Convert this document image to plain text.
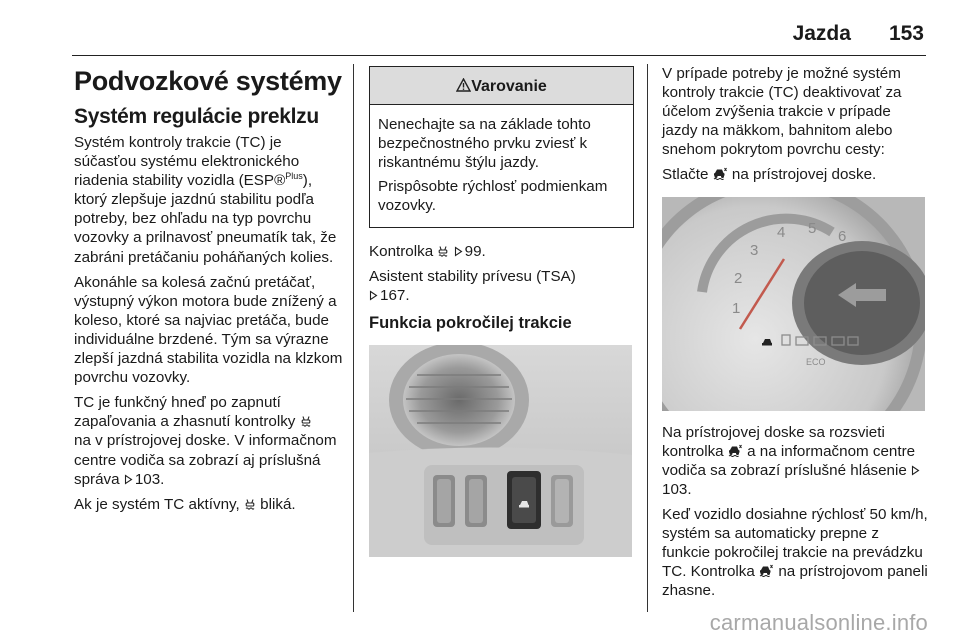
Jazda 153
Podvozkové systémy
Systém regulácie preklzu

Systém kontroly trakcie (TC) je súčasťou systému elektronického riadenia stability vozidla (ESP®$^{Plus}$), ktorý zlepšuje jazdnú stabilitu podľa potreby, bez ohľadu na typ povrchu vozovky a prilnavosť pneumatík tak, že zabráni pretáčaniu poháňaných kolies.

Akonáhle sa kolesá začnú pretáčať, výstupný výkon motora bude znížený a koleso, ktoré sa najviac pretáča, bude individuálne brzdené. Tým sa výrazne zlepší jazdná stabilita vozidla na klzkom povrchu vozovky.

TC je funkčný hneď po zapnutí zapaľovania a zhasnutí kontrolky
na v prístrojovej doske. V informačnom centre vodiča sa zobrazí aj príslušná správa 103.

Ak je systém TC aktívny, bliká.

Varovanie

Nenechajte sa na základe tohto bezpečnostného prvku zviesť k riskantnému štýlu jazdy.

Prispôsobte rýchlosť podmienkam vozovky.

Kontrolka 99.

Asistent stability prívesu (TSA)
167.

Funkcia pokročilej trakcie

V prípade potreby je možné systém kontroly trakcie (TC) deaktivovať za účelom zvýšenia trakcie v prípade jazdy na mäkkom, bahnitom alebo snehom pokrytom povrchu cesty:

Stlačte na prístrojovej doske.

1
2
3
4 5 6
ECO

Na prístrojovej doske sa rozsvieti kontrolka a na informačnom centre vodiča sa zobrazí príslušné hlásenie 103.

Keď vozidlo dosiahne rýchlosť 50 km/h, systém sa automaticky prepne z funkcie pokročilej trakcie na prevádzku TC. Kontrolka na prístrojovom paneli zhasne.

carmanualsonline.info
